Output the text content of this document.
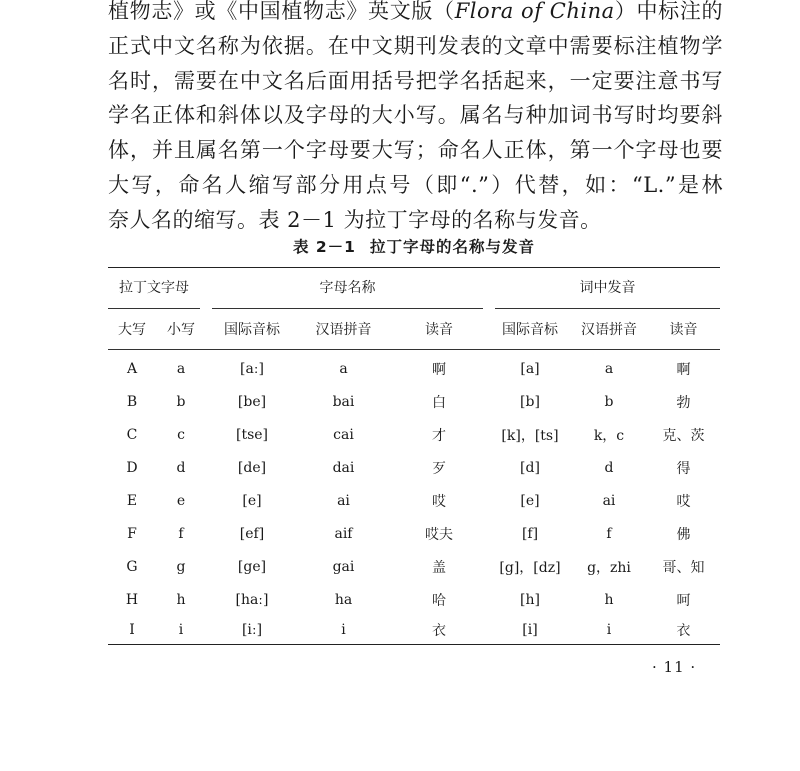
植物志》或《中国植物志》英文版（Flora of China）中标注的
正式中文名称为依据。在中文期刊发表的文章中需要标注植物学
名时，需要在中文名后面用括号把学名括起来，一定要注意书写
学名正体和斜体以及字母的大小写。属名与种加词书写时均要斜
体，并且属名第一个字母要大写；命名人正体，第一个字母也要
大写，命名人缩写部分用点号（即“.”）代替，如：“L.”是林
奈人名的缩写。表 2－1 为拉丁字母的名称与发音。
表 2－1 拉丁字母的名称与发音
拉丁文字母		字母名称			词中发音		

大写	小写	国际音标	汉语拼音	读音	国际音标	汉语拼音	读音
A	a	[aː]	a	啊	[a]	a	啊
B	b	[be]	bai	白	[b]	b	勃
C	c	[tse]	cai	才	[k]，[ts]	k，c	克、茨
D	d	[de]	dai	歹	[d]	d	得
E	e	[e]	ai	哎	[e]	ai	哎
F	f	[ef]	aif	哎夫	[f]	f	佛
G	g	[ge]	gai	盖	[g]，[dz]	g，zhi	哥、知
H	h	[haː]	ha	哈	[h]	h	呵
I	i	[iː]	i	衣	[i]	i	衣
· 11 ·
